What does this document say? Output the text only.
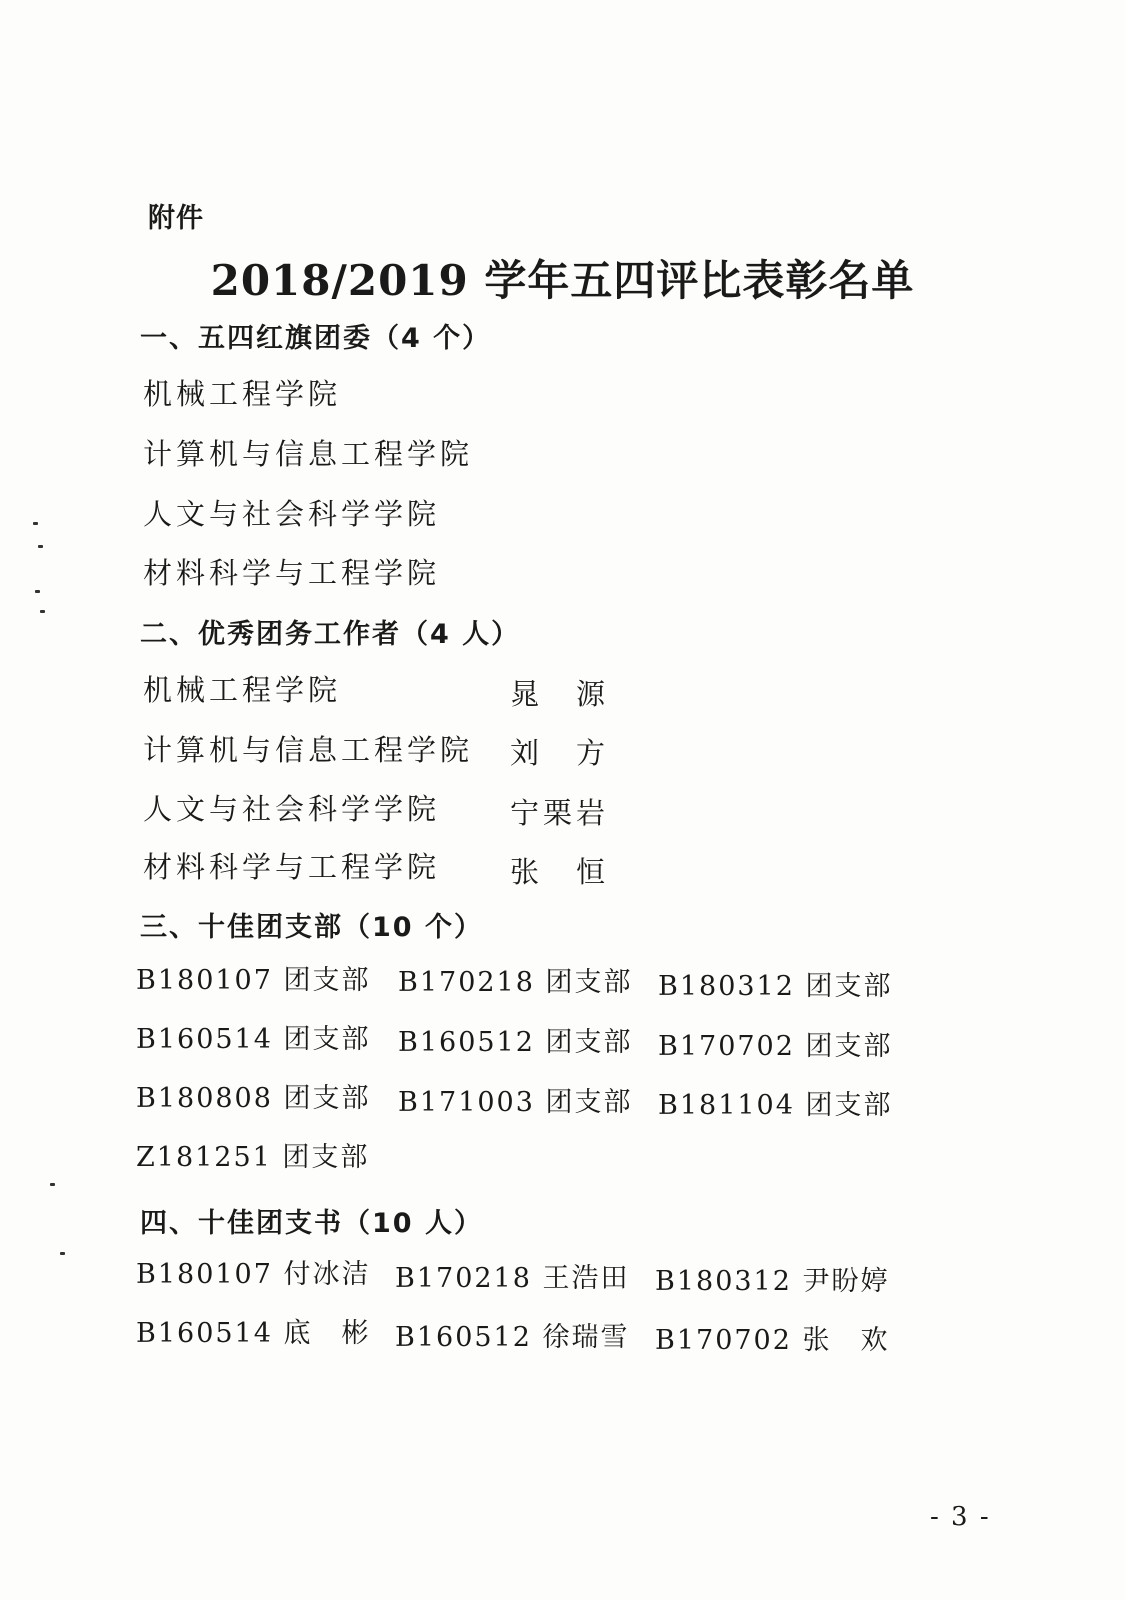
附件
2018/2019 学年五四评比表彰名单
一、五四红旗团委（4 个）
机械工程学院
计算机与信息工程学院
人文与社会科学学院
材料科学与工程学院
二、优秀团务工作者（4 人）
机械工程学院	晁　源
计算机与信息工程学院 刘　方
人文与社会科学学院 宁栗岩
材料科学与工程学院 张　恒
三、十佳团支部（10 个）
B180107 团支部 B170218 团支部 B180312 团支部
B160514 团支部 B160512 团支部 B170702 团支部
B180808 团支部 B171003 团支部 B181104 团支部
Z181251 团支部
四、十佳团支书（10 人）
B180107 付冰洁 B170218 王浩田 B180312 尹盼婷
B160514 底　彬 B160512 徐瑞雪 B170702 张　欢
- 3 -
